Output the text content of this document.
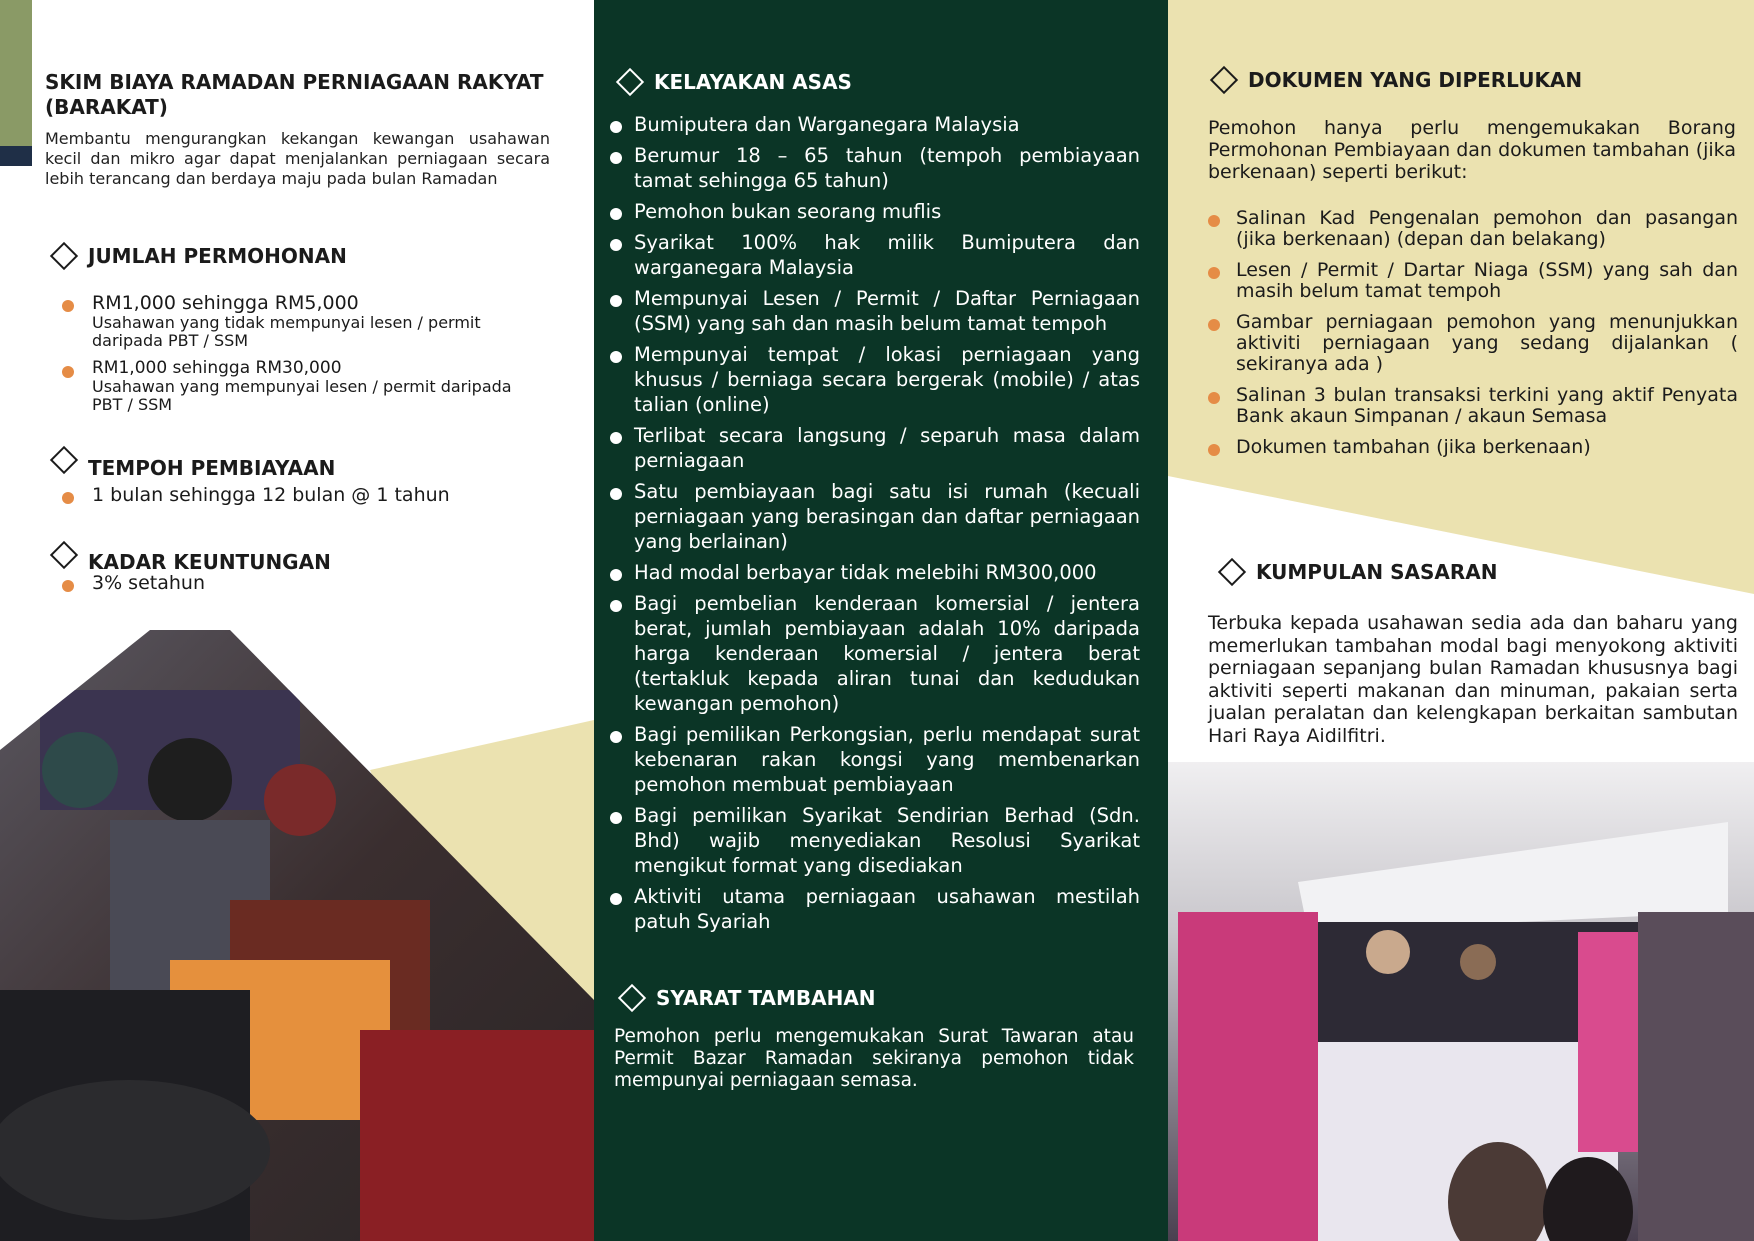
SKIM BIAYA RAMADAN PERNIAGAAN RAKYAT (BARAKAT)
Membantu mengurangkan kekangan kewangan usahawan kecil dan mikro agar dapat menjalankan perniagaan secara lebih terancang dan berdaya maju pada bulan Ramadan
JUMLAH PERMOHONAN
RM1,000 sehingga RM5,000
Usahawan yang tidak mempunyai lesen / permit daripada PBT / SSM
RM1,000 sehingga RM30,000
Usahawan yang mempunyai lesen / permit daripada PBT / SSM
TEMPOH PEMBIAYAAN
1 bulan sehingga 12 bulan @ 1 tahun
KADAR KEUNTUNGAN
3% setahun
KELAYAKAN ASAS
Bumiputera dan Warganegara Malaysia
Berumur 18 – 65 tahun (tempoh pembiayaan tamat sehingga 65 tahun)
Pemohon bukan seorang muflis
Syarikat 100% hak milik Bumiputera dan warganegara Malaysia
Mempunyai Lesen / Permit / Daftar Perniagaan (SSM) yang sah dan masih belum tamat tempoh
Mempunyai tempat / lokasi perniagaan yang khusus / berniaga secara bergerak (mobile) / atas talian (online)
Terlibat secara langsung / separuh masa dalam perniagaan
Satu pembiayaan bagi satu isi rumah (kecuali perniagaan yang berasingan dan daftar perniagaan yang berlainan)
Had modal berbayar tidak melebihi RM300,000
Bagi pembelian kenderaan komersial / jentera berat, jumlah pembiayaan adalah 10% daripada harga kenderaan komersial / jentera berat (tertakluk kepada aliran tunai dan kedudukan kewangan pemohon)
Bagi pemilikan Perkongsian, perlu mendapat surat kebenaran rakan kongsi yang membenarkan pemohon membuat pembiayaan
Bagi pemilikan Syarikat Sendirian Berhad (Sdn. Bhd) wajib menyediakan Resolusi Syarikat mengikut format yang disediakan
Aktiviti utama perniagaan usahawan mestilah patuh Syariah
SYARAT TAMBAHAN
Pemohon perlu mengemukakan Surat Tawaran atau Permit Bazar Ramadan sekiranya pemohon tidak mempunyai perniagaan semasa.
DOKUMEN YANG DIPERLUKAN
Pemohon hanya perlu mengemukakan Borang Permohonan Pembiayaan dan dokumen tambahan (jika berkenaan) seperti berikut:
Salinan Kad Pengenalan pemohon dan pasangan (jika berkenaan) (depan dan belakang)
Lesen / Permit / Dartar Niaga (SSM) yang sah dan masih belum tamat tempoh
Gambar perniagaan pemohon yang menunjukkan aktiviti perniagaan yang sedang dijalankan ( sekiranya ada )
Salinan 3 bulan transaksi terkini yang aktif Penyata Bank akaun Simpanan / akaun Semasa
Dokumen tambahan (jika berkenaan)
KUMPULAN SASARAN
Terbuka kepada usahawan sedia ada dan baharu yang memerlukan tambahan modal bagi menyokong aktiviti perniagaan sepanjang bulan Ramadan khususnya bagi aktiviti seperti makanan dan minuman, pakaian serta jualan peralatan dan kelengkapan berkaitan sambutan Hari Raya Aidilfitri.
